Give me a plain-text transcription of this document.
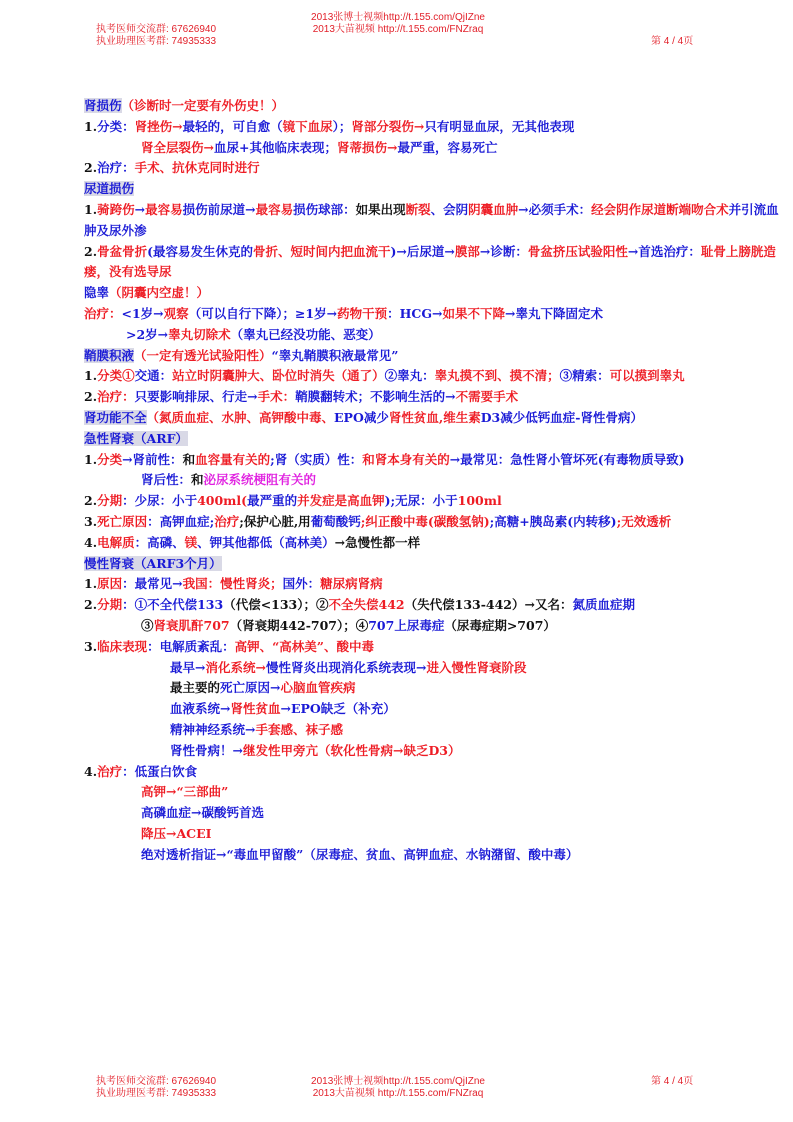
执考医师交流群: 67626940
执业助理医考群: 74935333
2013张博士视频http://t.155.com/QjIZne
2013大苗视频 http://t.155.com/FNZraq
第 4 / 4页
肾损伤（诊断时一定要有外伤史！）
1.分类：肾挫伤→最轻的，可自愈（镜下血尿）；肾部分裂伤→只有明显血尿，无其他表现
肾全层裂伤→血尿+其他临床表现；肾蒂损伤→最严重，容易死亡
2.治疗：手术、抗休克同时进行
尿道损伤
1.骑跨伤→最容易损伤前尿道→最容易损伤球部：如果出现断裂、会阴阴囊血肿→必须手术：经会阴作尿道断端吻合术并引流血肿及尿外渗
2.骨盆骨折(最容易发生休克的骨折、短时间内把血流干)→后尿道→膜部→诊断：骨盆挤压试验阳性→首选治疗：耻骨上膀胱造瘘，没有选导尿
隐睾（阴囊内空虚！）
治疗：<1岁→观察（可以自行下降）；≥1岁→药物干预：HCG→如果不下降→睾丸下降固定术
>2岁→睾丸切除术（睾丸已经没功能、恶变）
鞘膜积液（一定有透光试验阳性）“睾丸鞘膜积液最常见”
1.分类①交通：站立时阴囊肿大、卧位时消失（通了）②睾丸：睾丸摸不到、摸不清；③精索：可以摸到睾丸
2.治疗：只要影响排尿、行走→手术：鞘膜翻转术；不影响生活的→不需要手术
肾功能不全（氮质血症、水肿、高钾酸中毒、EPO减少肾性贫血,维生素D3减少低钙血症-肾性骨病）
急性肾衰（ARF）
1.分类→肾前性：和血容量有关的;肾（实质）性：和肾本身有关的→最常见：急性肾小管坏死(有毒物质导致)
肾后性：和泌尿系统梗阻有关的
2.分期：少尿：小于400ml(最严重的并发症是高血钾);无尿：小于100ml
3.死亡原因：高钾血症;治疗;保护心脏,用葡萄酸钙;纠正酸中毒(碳酸氢钠);高糖+胰岛素(内转移);无效透析
4.电解质：高磷、镁、钾其他都低（高林美）→急慢性都一样
慢性肾衰（ARF3个月）
1.原因：最常见→我国：慢性肾炎；国外：糖尿病肾病
2.分期：①不全代偿133（代偿<133）；②不全失偿442（失代偿133-442）→又名：氮质血症期
③肾衰肌酐707（肾衰期442-707）；④707上尿毒症（尿毒症期>707）
3.临床表现：电解质紊乱：高钾、“高林美”、酸中毒
最早→消化系统→慢性肾炎出现消化系统表现→进入慢性肾衰阶段
最主要的死亡原因→心脑血管疾病
血液系统→肾性贫血→EPO缺乏（补充）
精神神经系统→手套感、袜子感
肾性骨病！→继发性甲旁亢（软化性骨病→缺乏D3）
4.治疗：低蛋白饮食
高钾→“三部曲”
高磷血症→碳酸钙首选
降压→ACEI
绝对透析指证→“毒血甲留酸”（尿毒症、贫血、高钾血症、水钠潴留、酸中毒）
执考医师交流群: 67626940
执业助理医考群: 74935333
2013张博士视频http://t.155.com/QjIZne
2013大苗视频 http://t.155.com/FNZraq
第 4 / 4页
